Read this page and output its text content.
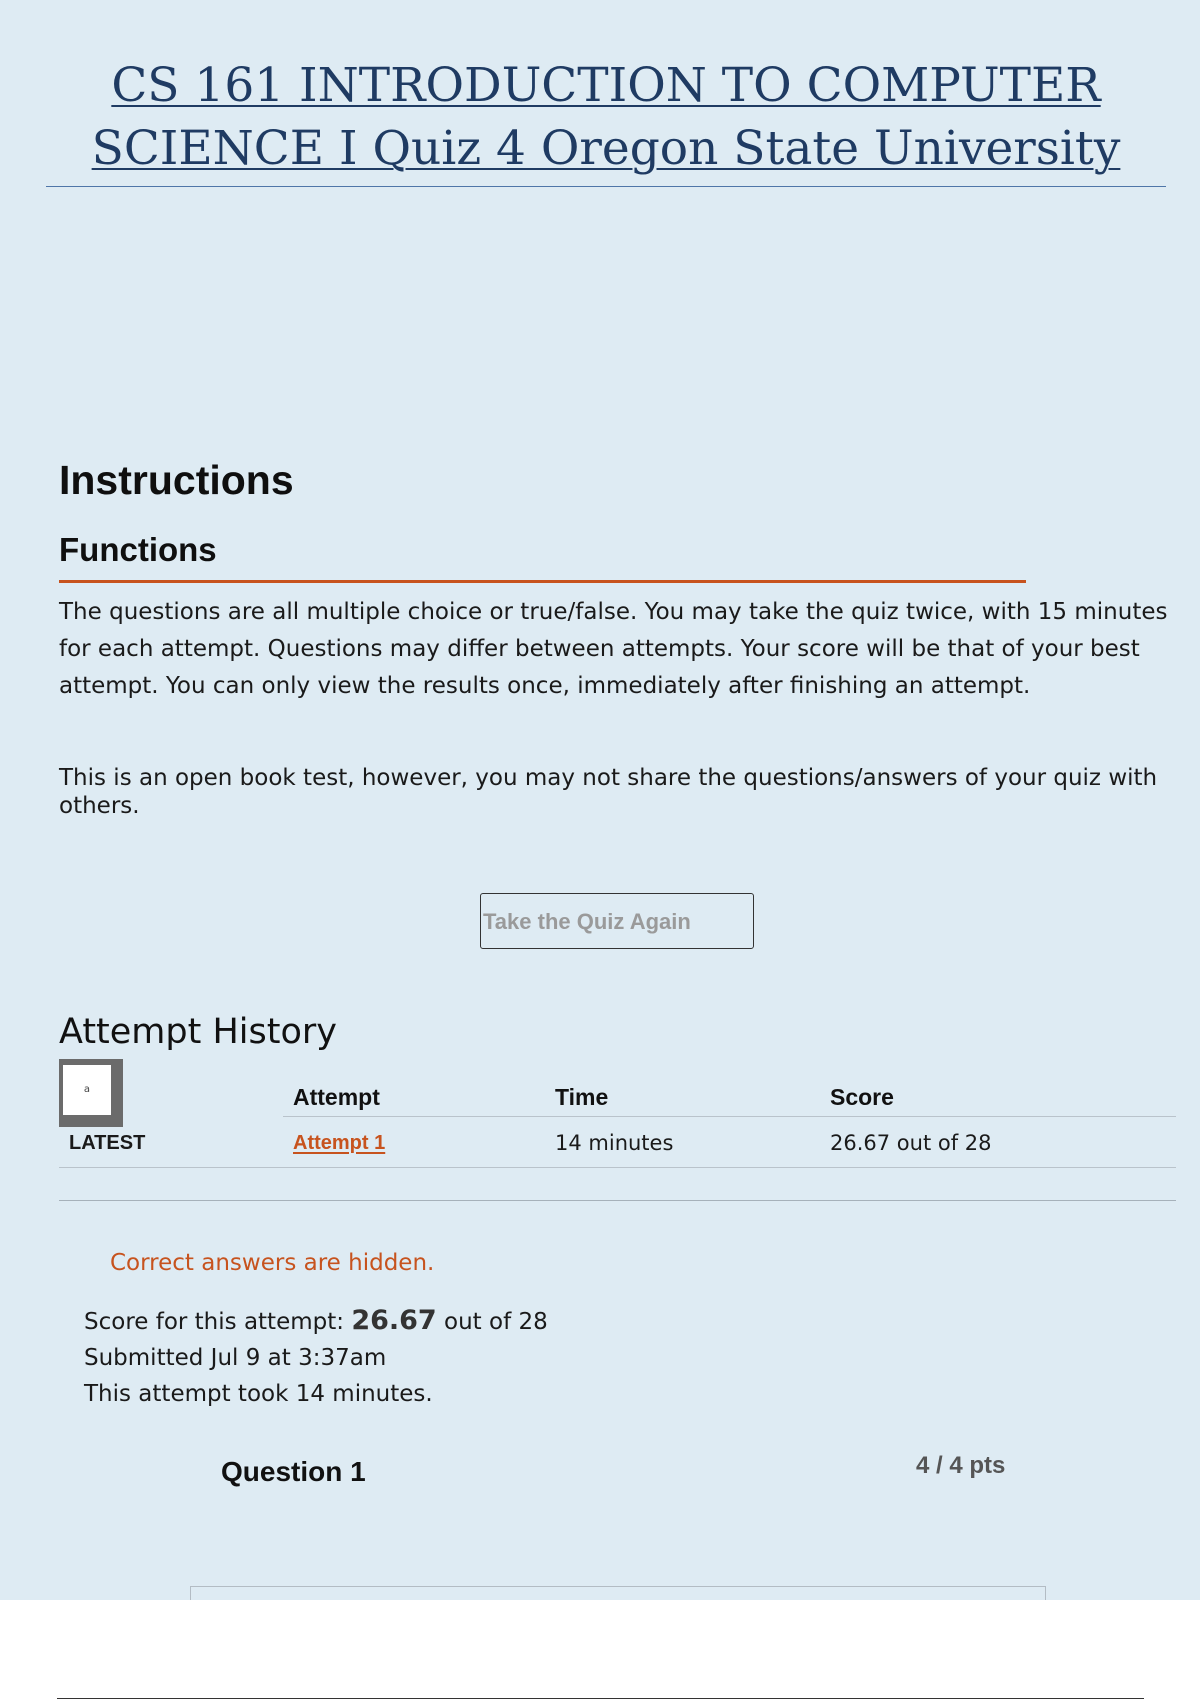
CS 161 INTRODUCTION TO COMPUTER SCIENCE I Quiz 4 Oregon State University
Instructions
Functions

The questions are all multiple choice or true/false. You may take the quiz twice, with 15 minutes for each attempt. Questions may differ between attempts. Your score will be that of your best attempt. You can only view the results once, immediately after finishing an attempt.

This is an open book test, however, you may not share the questions/answers of your quiz with others.

Take the Quiz Again
Attempt History
a	Attempt	Time	Score
LATEST	Attempt 1	14 minutes	26.67 out of 28

Correct answers are hidden.

Score for this attempt: 26.67 out of 28
Submitted Jul 9 at 3:37am
This attempt took 14 minutes.
Question 1	4 / 4 pts
